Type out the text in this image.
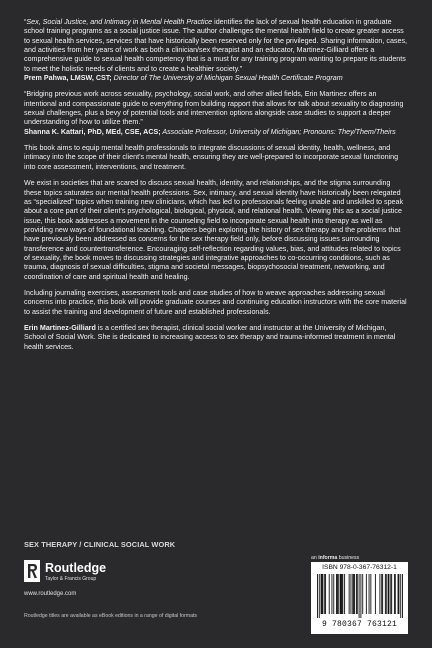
“Sex, Social Justice, and Intimacy in Mental Health Practice identifies the lack of sexual health education in graduate school training programs as a social justice issue. The author challenges the mental health field to create greater access to sexual health services, services that have historically been reserved only for the privileged. Sharing information, cases, and activities from her years of work as both a clinician/sex therapist and an educator, Martinez-Gilliard offers a comprehensive guide to sexual health competency that is a must for any training program wanting to prepare its students to meet the holistic needs of clients and to create a healthier society.”
Prem Pahwa, LMSW, CST; Director of The University of Michigan Sexual Health Certificate Program
“Bridging previous work across sexuality, psychology, social work, and other allied fields, Erin Martinez offers an intentional and compassionate guide to everything from building rapport that allows for talk about sexuality to diagnosing sexual challenges, plus a bevy of potential tools and intervention options alongside case studies to support a deeper understanding of how to utilize them.”
Shanna K. Kattari, PhD, MEd, CSE, ACS; Associate Professor, University of Michigan; Pronouns: They/Them/Theirs

This book aims to equip mental health professionals to integrate discussions of sexual identity, health, wellness, and intimacy into the scope of their client's mental health, ensuring they are well-prepared to incorporate sexual functioning into core assessment, interventions, and treatment.

We exist in societies that are scared to discuss sexual health, identity, and relationships, and the stigma surrounding these topics saturates our mental health professions. Sex, intimacy, and sexual identity have historically been relegated as “specialized” topics when training new clinicians, which has led to professionals feeling unable and unskilled to speak about a core part of their client's psychological, biological, physical, and relational health. Viewing this as a social justice issue, this book addresses a movement in the counseling field to incorporate sexual health into therapy as well as providing new ways of foundational teaching. Chapters begin exploring the history of sex therapy and the problems that have previously been addressed as concerns for the sex therapy field only, before discussing issues surrounding transference and countertransference. Encouraging self-reflection regarding values, bias, and attitudes related to topics of sexuality, the book moves to discussing strategies and integrative approaches to co-occurring conditions, such as trauma, diagnosis of sexual difficulties, stigma and societal messages, biopsychosocial treatment, networking, and coordination of care and spiritual health and healing.

Including journaling exercises, assessment tools and case studies of how to weave approaches addressing sexual concerns into practice, this book will provide graduate courses and continuing education instructors with the core material to assist the training and development of future and established professionals.

Erin Martinez-Gilliard is a certified sex therapist, clinical social worker and instructor at the University of Michigan, School of Social Work. She is dedicated to increasing access to sex therapy and trauma-informed treatment in mental health services.

SEX THERAPY / CLINICAL SOCIAL WORK
an informa business
Routledge
Taylor & Francis Group
www.routledge.com
ISBN 978-0-367-76312-1
9 780367 763121
Routledge titles are available as eBook editions in a range of digital formats
